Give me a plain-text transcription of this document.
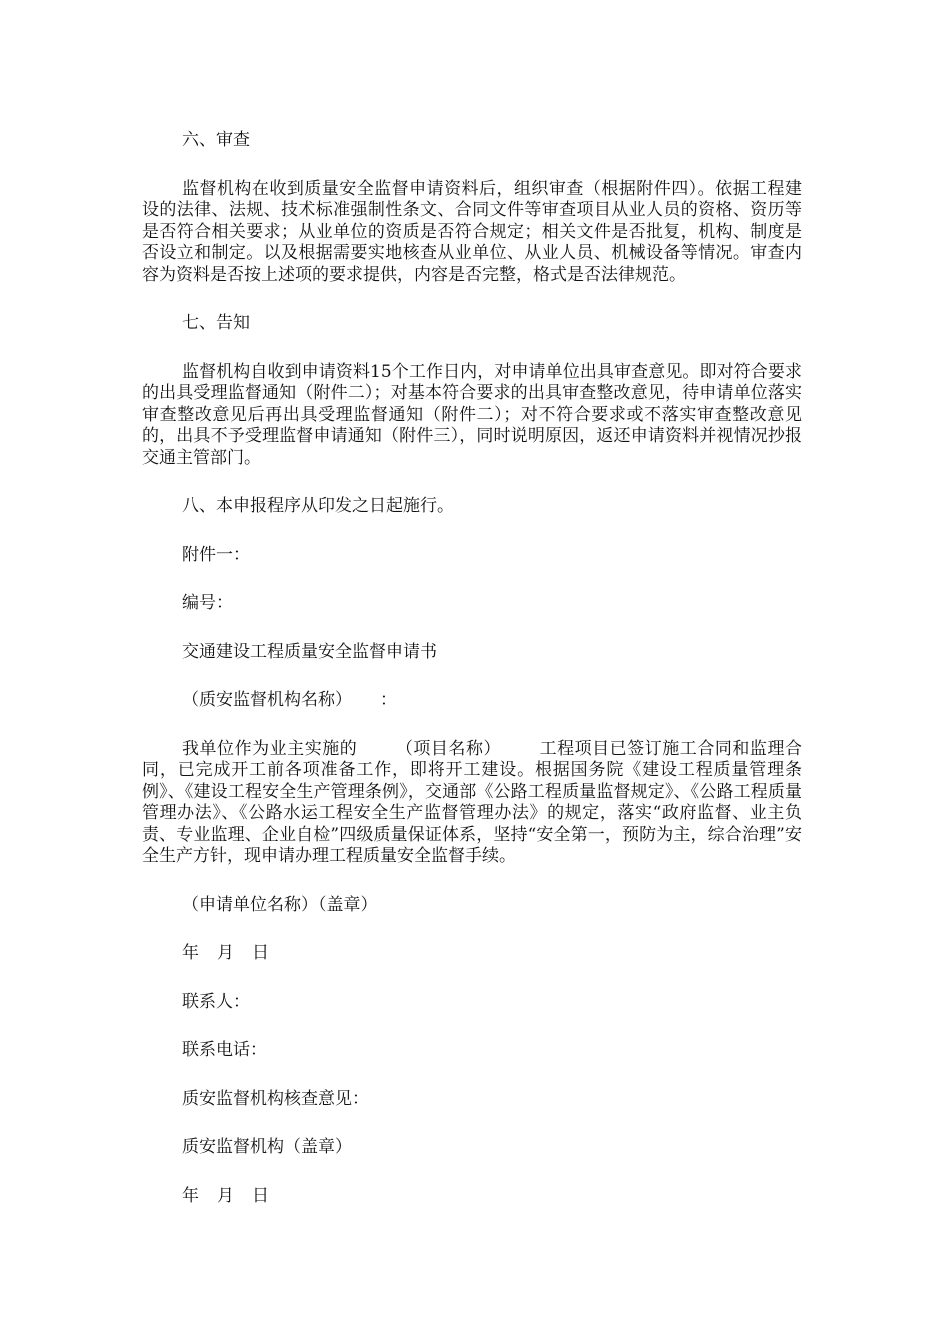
六、审查

监督机构在收到质量安全监督申请资料后，组织审查（根据附件四）。依据工程建设的法律、法规、技术标准强制性条文、合同文件等审查项目从业人员的资格、资历等是否符合相关要求；从业单位的资质是否符合规定；相关文件是否批复，机构、制度是否设立和制定。以及根据需要实地核查从业单位、从业人员、机械设备等情况。审查内容为资料是否按上述项的要求提供，内容是否完整，格式是否法律规范。

七、告知

监督机构自收到申请资料15个工作日内，对申请单位出具审查意见。即对符合要求的出具受理监督通知（附件二）；对基本符合要求的出具审查整改意见，待申请单位落实审查整改意见后再出具受理监督通知（附件二）；对不符合要求或不落实审查整改意见的，出具不予受理监督申请通知（附件三），同时说明原因，返还申请资料并视情况抄报交通主管部门。

八、本申报程序从印发之日起施行。

附件一：

编号：

交通建设工程质量安全监督申请书

（质安监督机构名称） ：

我单位作为业主实施的 （项目名称） 工程项目已签订施工合同和监理合同，已完成开工前各项准备工作，即将开工建设。根据国务院《建设工程质量管理条例》、《建设工程安全生产管理条例》，交通部《公路工程质量监督规定》、《公路工程质量管理办法》、《公路水运工程安全生产监督管理办法》的规定，落实“政府监督、业主负责、专业监理、企业自检”四级质量保证体系，坚持“安全第一，预防为主，综合治理”安全生产方针，现申请办理工程质量安全监督手续。

（申请单位名称）（盖章）

年 月 日

联系人：

联系电话：

质安监督机构核查意见：

质安监督机构（盖章）

年 月 日
